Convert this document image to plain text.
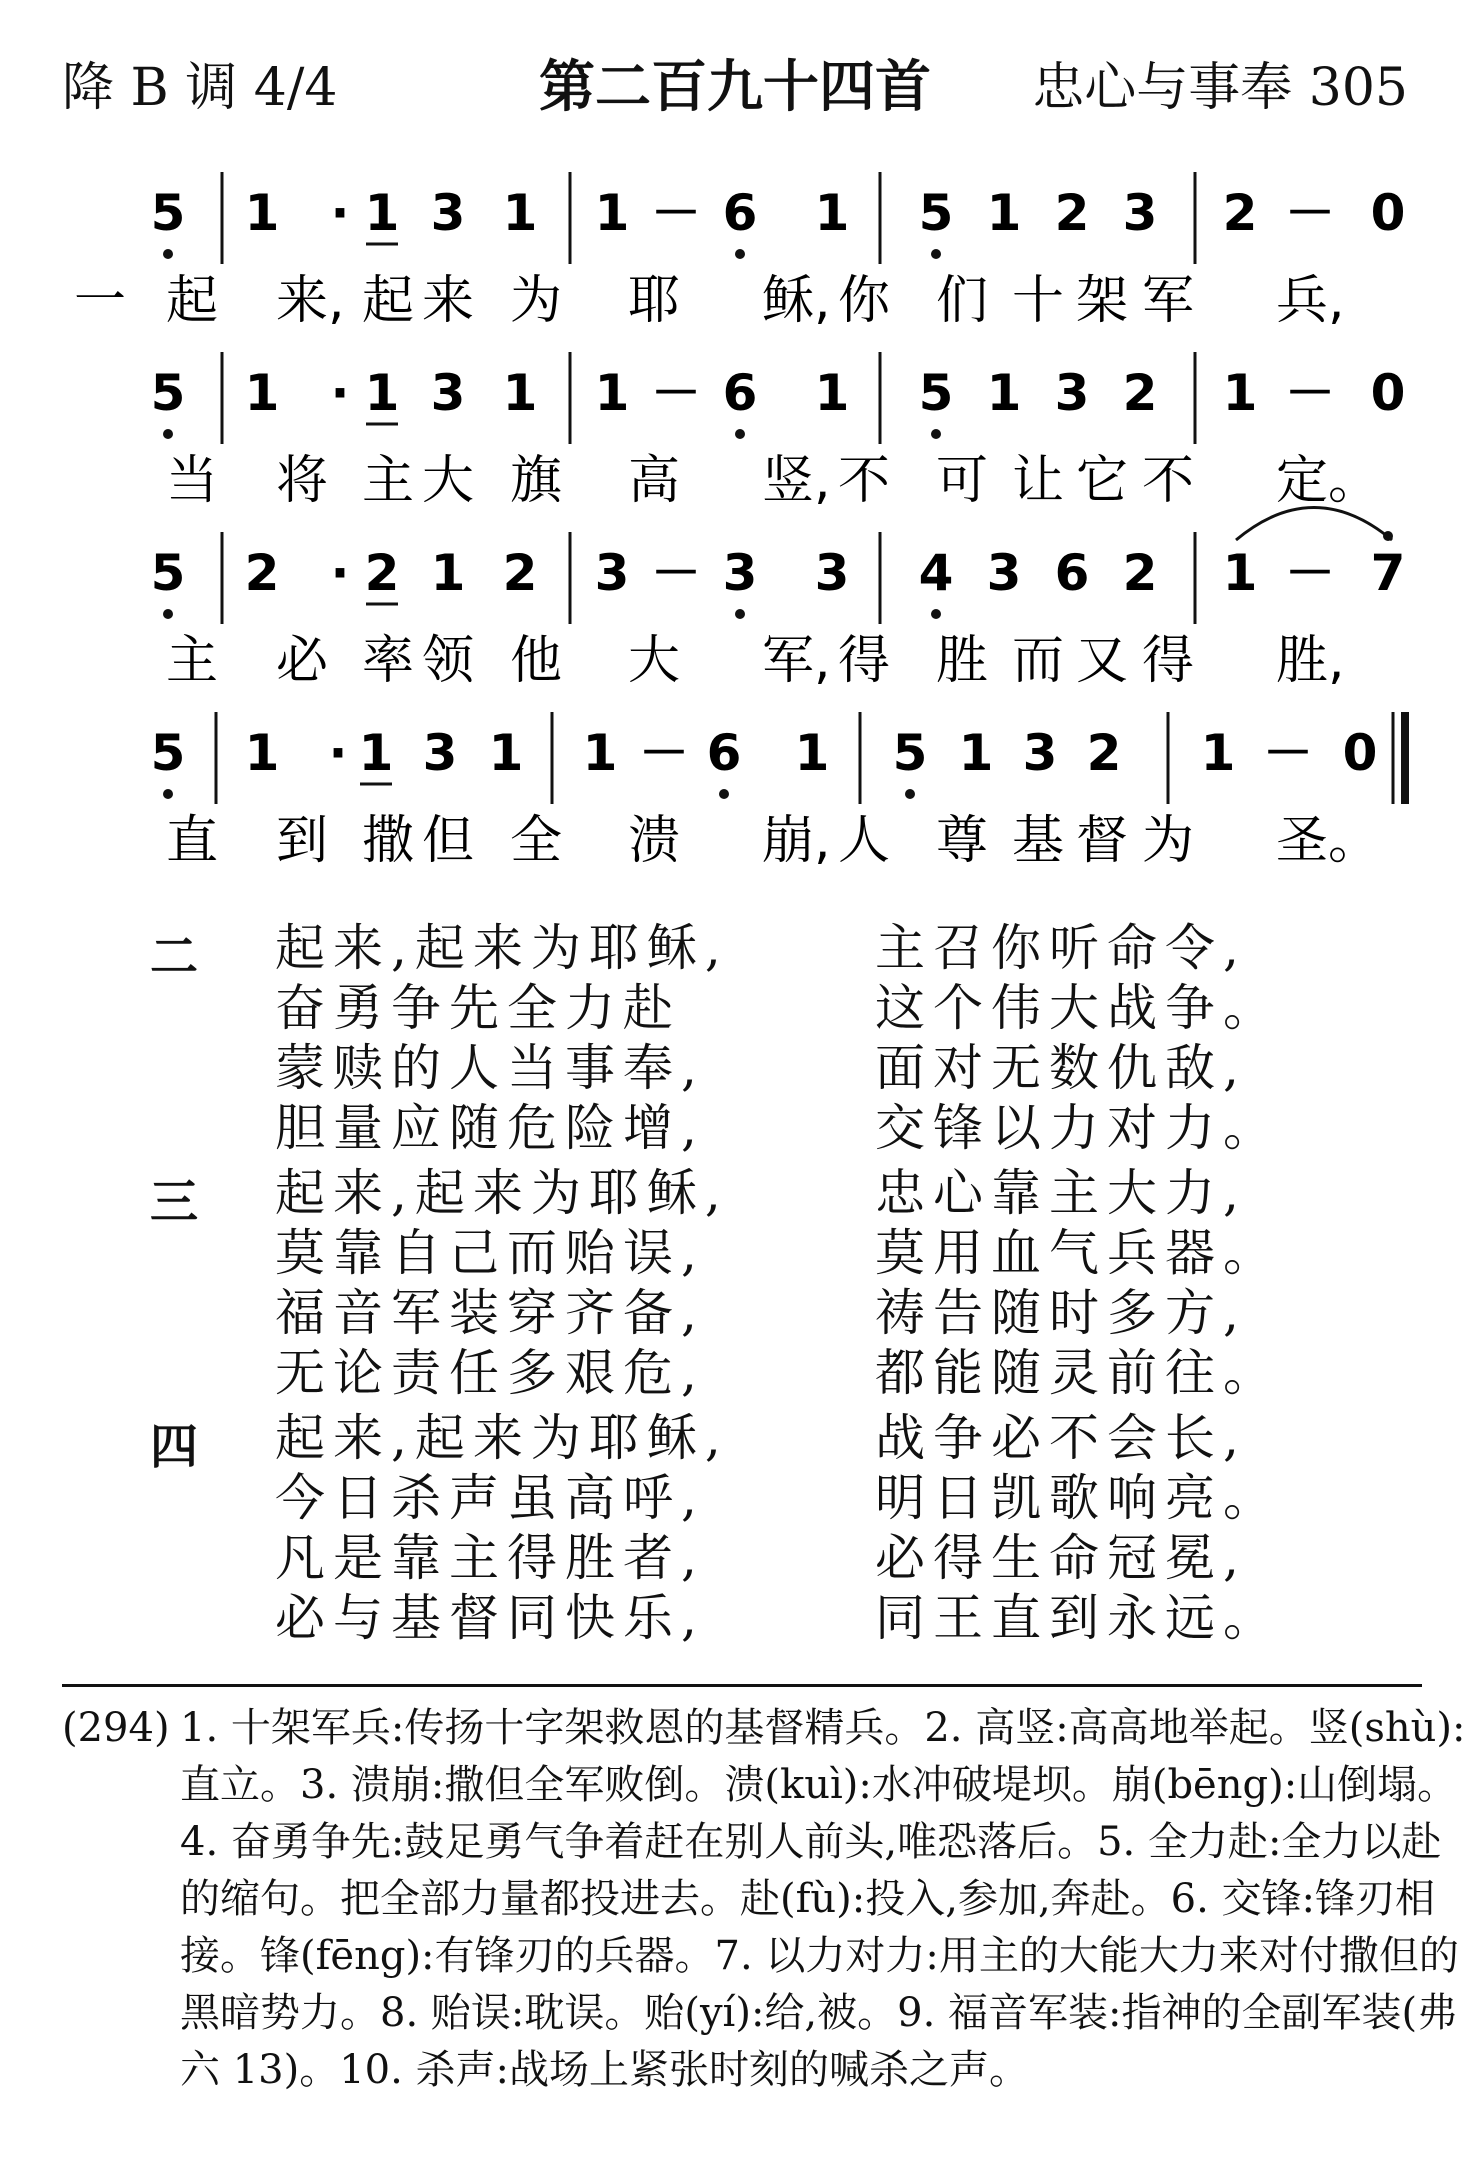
降 B 调 4/4	第二百九十四首	忠心与事奉 305
5 1 · 1 3 1 1 － 6 1 5 1 2 3 2 － 0
一 起 来, 起 来 为 耶 稣, 你 们 十 架 军 兵,
5 1 · 1 3 1 1 － 6 1 5 1 3 2 1 － 0
当 将 主 大 旗 高 竖, 不 可 让 它 不 定。
5 2 · 2 1 2 3 － 3 3 4 3 6 2 1 － 7
主 必 率 领 他 大 军, 得 胜 而 又 得 胜,
5 1 · 1 3 1 1 － 6 1 5 1 3 2 1 － 0
直 到 撒 但 全 溃 崩, 人 尊 基 督 为 圣。
二 起来,起来为耶稣,	主召你听命令,
奋勇争先全力赴	这个伟大战争。
蒙赎的人当事奉,	面对无数仇敌,
胆量应随危险增,	交锋以力对力。
三 起来,起来为耶稣,	忠心靠主大力,
莫靠自己而贻误,	莫用血气兵器。
福音军装穿齐备,	祷告随时多方,
无论责任多艰危,	都能随灵前往。
四 起来,起来为耶稣,	战争必不会长,
今日杀声虽高呼,	明日凯歌响亮。
凡是靠主得胜者,	必得生命冠冕,
必与基督同快乐,	同王直到永远。
(294) 1. 十架军兵:传扬十字架救恩的基督精兵。2. 高竖:高高地举起。竖(shù):直立。3. 溃崩:撒但全军败倒。溃(kuì):水冲破堤坝。崩(bēng):山倒塌。4. 奋勇争先:鼓足勇气争着赶在别人前头,唯恐落后。5. 全力赴:全力以赴的缩句。把全部力量都投进去。赴(fù):投入,参加,奔赴。6. 交锋:锋刃相接。锋(fēng):有锋刃的兵器。7. 以力对力:用主的大能大力来对付撒但的黑暗势力。8. 贻误:耽误。贻(yí):给,被。9. 福音军装:指神的全副军装(弗六 13)。10. 杀声:战场上紧张时刻的喊杀之声。
